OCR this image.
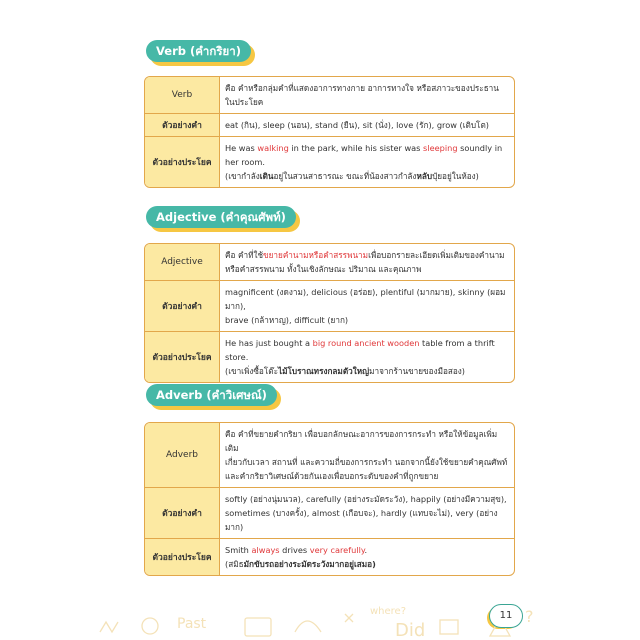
Verb (คำกริยา)
Adjective (คำคุณศัพท์)
Adverb (คำวิเศษณ์)
Verb
คือ คำหรือกลุ่มคำที่แสดงอาการทางกาย อาการทางใจ หรือสภาวะของประธาน
ในประโยค
ตัวอย่างคำ	eat (กิน), sleep (นอน), stand (ยืน), sit (นั่ง), love (รัก), grow (เติบโต)
ตัวอย่างประโยค
He was walking in the park, while his sister was sleeping soundly in her room.
(เขากำลังเดินอยู่ในสวนสาธารณะ ขณะที่น้องสาวกำลังหลับปุ๋ยอยู่ในห้อง)
Adjective
คือ คำที่ใช้ขยายคำนามหรือคำสรรพนามเพื่อบอกรายละเอียดเพิ่มเติมของคำนาม
หรือคำสรรพนาม ทั้งในเชิงลักษณะ ปริมาณ และคุณภาพ
ตัวอย่างคำ
magnificent (งดงาม), delicious (อร่อย), plentiful (มากมาย), skinny (ผอมมาก),
brave (กล้าหาญ), difficult (ยาก)
ตัวอย่างประโยค
He has just bought a big round ancient wooden table from a thrift store.
(เขาเพิ่งซื้อโต๊ะไม้โบราณทรงกลมตัวใหญ่มาจากร้านขายของมือสอง)
Adverb
คือ คำที่ขยายคำกริยา เพื่อบอกลักษณะอาการของการกระทำ หรือให้ข้อมูลเพิ่มเติม
เกี่ยวกับเวลา สถานที่ และความถี่ของการกระทำ นอกจากนี้ยังใช้ขยายคำคุณศัพท์
และคำกริยาวิเศษณ์ด้วยกันเองเพื่อบอกระดับของคำที่ถูกขยาย
ตัวอย่างคำ
softly (อย่างนุ่มนวล), carefully (อย่างระมัดระวัง), happily (อย่างมีความสุข),
sometimes (บางครั้ง), almost (เกือบจะ), hardly (แทบจะไม่), very (อย่างมาก)
ตัวอย่างประโยค
Smith always drives very carefully.
(สมิธมักขับรถอย่างระมัดระวังมากอยู่เสมอ)
Past
where?
Did
?
11
